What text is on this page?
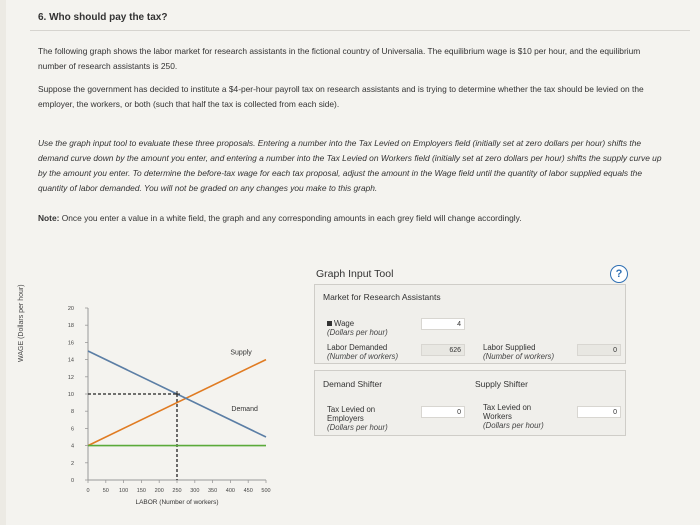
6. Who should pay the tax?
The following graph shows the labor market for research assistants in the fictional country of Universalia. The equilibrium wage is $10 per hour, and the equilibrium number of research assistants is 250.
Suppose the government has decided to institute a $4-per-hour payroll tax on research assistants and is trying to determine whether the tax should be levied on the employer, the workers, or both (such that half the tax is collected from each side).
Use the graph input tool to evaluate these three proposals. Entering a number into the Tax Levied on Employers field (initially set at zero dollars per hour) shifts the demand curve down by the amount you enter, and entering a number into the Tax Levied on Workers field (initially set at zero dollars per hour) shifts the supply curve up by the amount you enter. To determine the before-tax wage for each tax proposal, adjust the amount in the Wage field until the quantity of labor supplied equals the quantity of labor demanded. You will not be graded on any changes you make to this graph.
Note: Once you enter a value in a white field, the graph and any corresponding amounts in each grey field will change accordingly.
0
2
4
6
8
10
12
14
16
18
20
0 50 100 150 200 250 300 350 400 450 500
LABOR (Number of workers)
Supply
Demand
WAGE (Dollars per hour)
?
Graph Input Tool
Market for Research Assistants
Wage
(Dollars per hour)
4
Labor Demanded
(Number of workers)
626	Labor Supplied
(Number of workers)
0
Demand Shifter	Supply Shifter
Tax Levied on
Employers
(Dollars per hour)
0
Tax Levied on
Workers
(Dollars per hour)
0
